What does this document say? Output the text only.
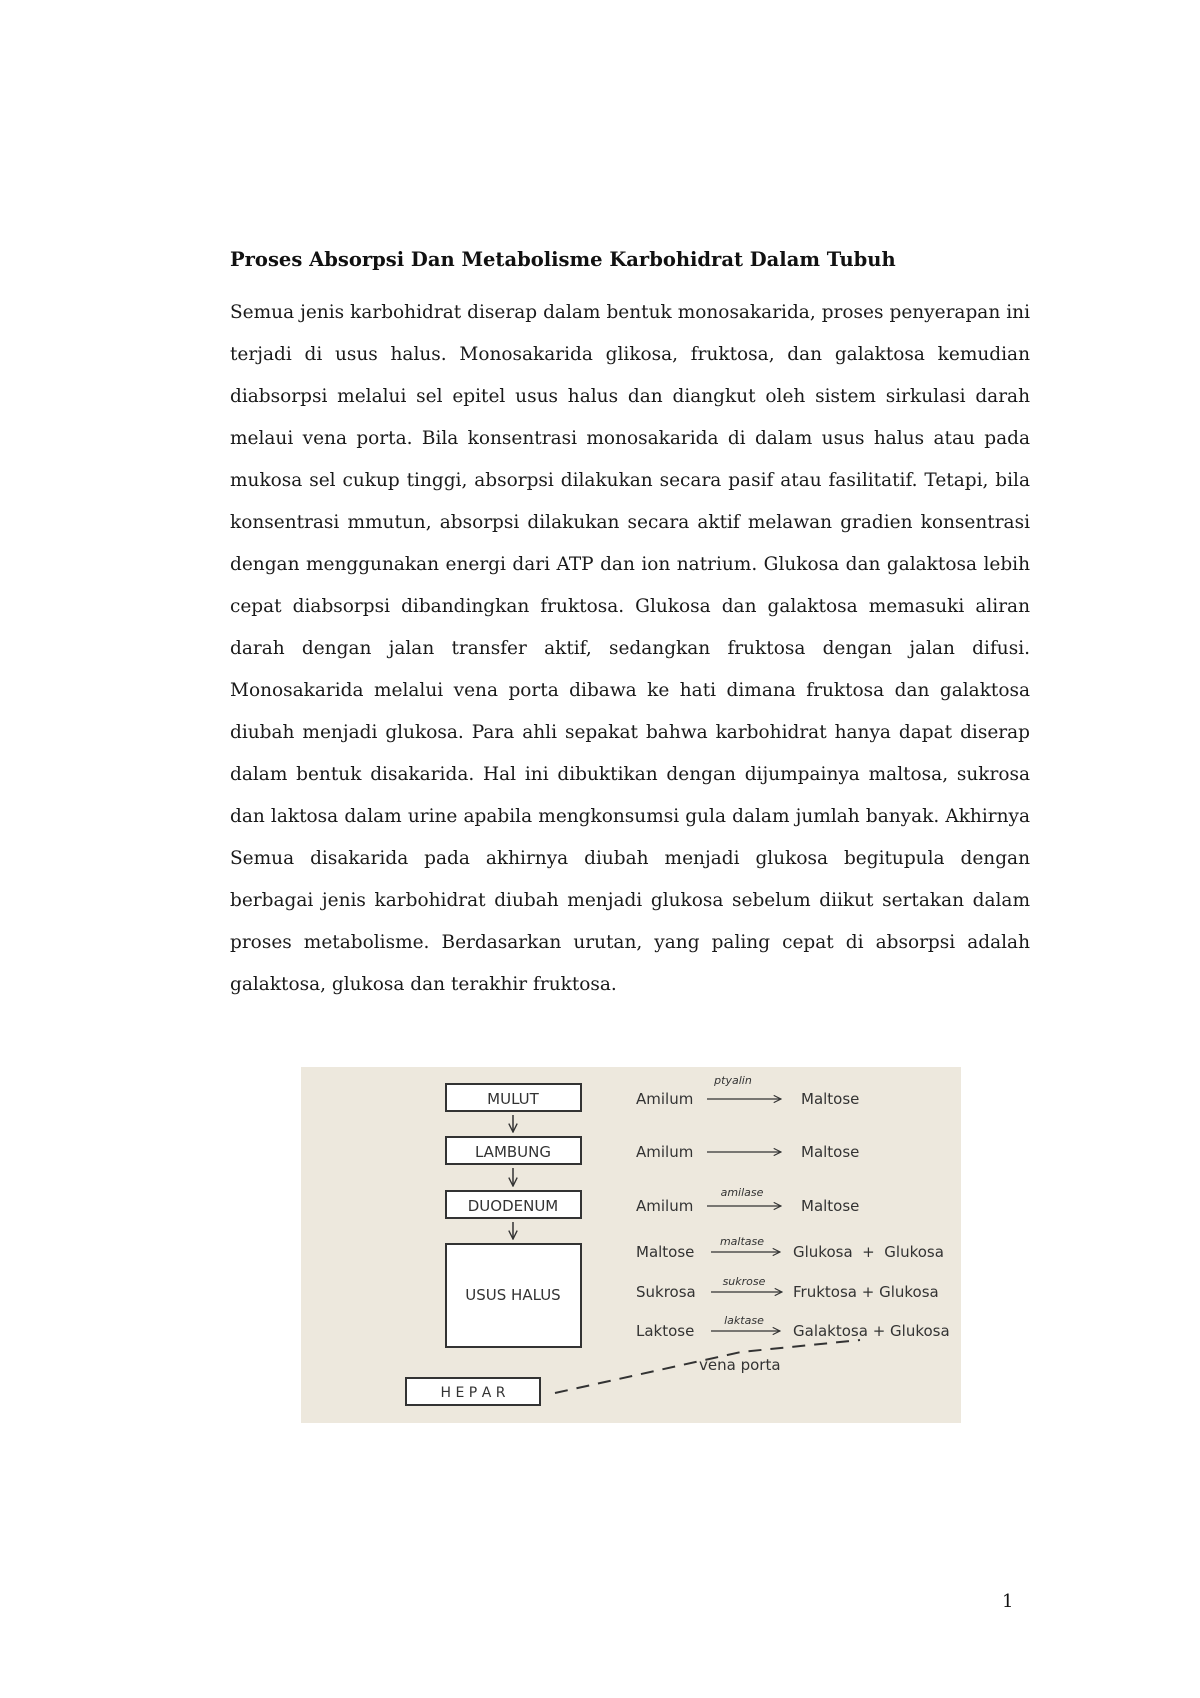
Proses Absorpsi Dan Metabolisme Karbohidrat Dalam Tubuh

Semua jenis karbohidrat diserap dalam bentuk monosakarida, proses penyerapan ini terjadi di usus halus. Monosakarida glikosa, fruktosa, dan galaktosa kemudian diabsorpsi melalui sel epitel usus halus dan diangkut oleh sistem sirkulasi darah melaui vena porta. Bila konsentrasi monosakarida di dalam usus halus atau pada mukosa sel cukup tinggi, absorpsi dilakukan secara pasif atau fasilitatif. Tetapi, bila konsentrasi mmutun, absorpsi dilakukan secara aktif melawan gradien konsentrasi dengan menggunakan energi dari ATP dan ion natrium. Glukosa dan galaktosa lebih cepat diabsorpsi dibandingkan fruktosa. Glukosa dan galaktosa memasuki aliran darah dengan jalan transfer aktif, sedangkan fruktosa dengan jalan difusi. Monosakarida melalui vena porta dibawa ke hati dimana fruktosa dan galaktosa diubah menjadi glukosa. Para ahli sepakat bahwa karbohidrat hanya dapat diserap dalam bentuk disakarida. Hal ini dibuktikan dengan dijumpainya maltosa, sukrosa dan laktosa dalam urine apabila mengkonsumsi gula dalam jumlah banyak. Akhirnya Semua disakarida pada akhirnya diubah menjadi glukosa begitupula dengan berbagai jenis karbohidrat diubah menjadi glukosa sebelum diikut sertakan dalam proses metabolisme. Berdasarkan urutan, yang paling cepat di absorpsi adalah galaktosa, glukosa dan terakhir fruktosa.

MULUT
LAMBUNG
DUODENUM
USUS HALUS
H E P A R
Amilum
ptyalin
Maltose
Amilum	Maltose
Amilum
amilase
Maltose
Maltose
maltase
Glukosa  +  Glukosa
Sukrosa
sukrose
Fruktosa + Glukosa
Laktose
laktase
Galaktosa + Glukosa
vena porta
1
